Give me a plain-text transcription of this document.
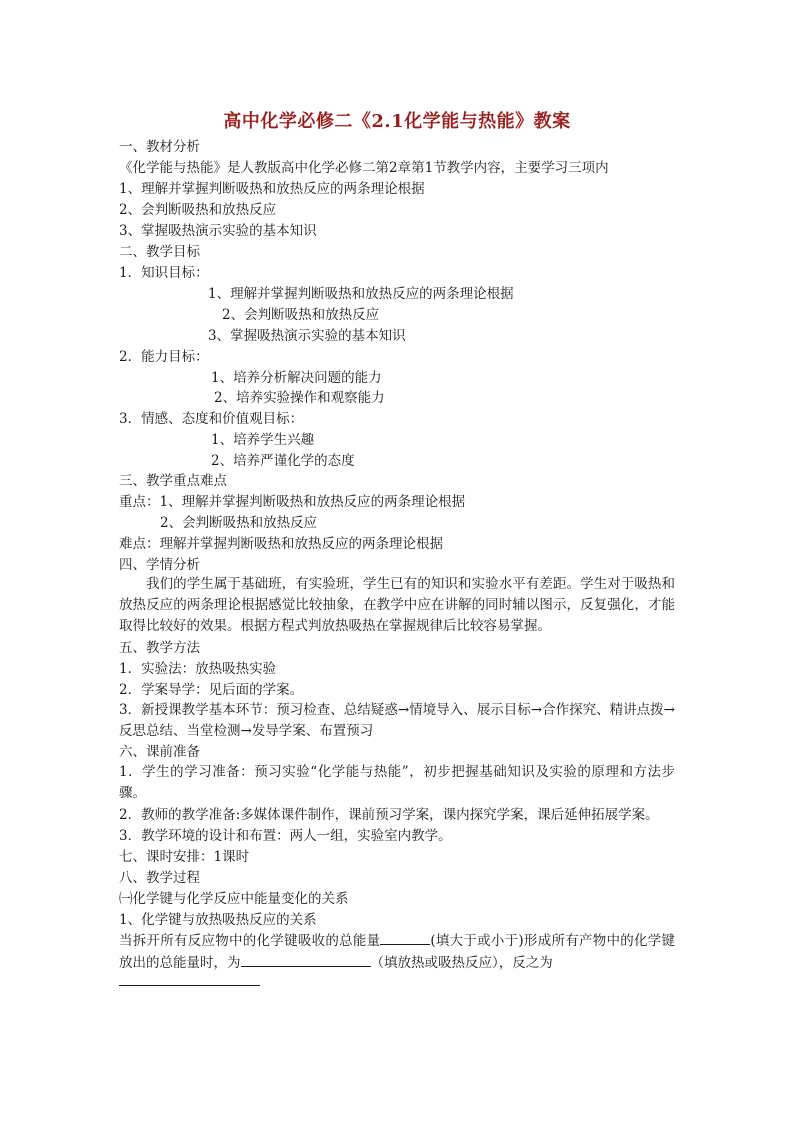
高中化学必修二《2.1化学能与热能》教案
一、教材分析
《化学能与热能》是人教版高中化学必修二第2章第1节教学内容，主要学习三项内
1、理解并掌握判断吸热和放热反应的两条理论根据
2、会判断吸热和放热反应
3、掌握吸热演示实验的基本知识
二、教学目标
1．知识目标：
1、理解并掌握判断吸热和放热反应的两条理论根据
2、会判断吸热和放热反应
3、掌握吸热演示实验的基本知识
2．能力目标：
1、培养分析解决问题的能力
2、培养实验操作和观察能力
3．情感、态度和价值观目标：
1、培养学生兴趣
2、培养严谨化学的态度
三、教学重点难点
重点：1、理解并掌握判断吸热和放热反应的两条理论根据
2、会判断吸热和放热反应
难点：理解并掌握判断吸热和放热反应的两条理论根据
四、学情分析
我们的学生属于基础班，有实验班，学生已有的知识和实验水平有差距。学生对于吸热和放热反应的两条理论根据感觉比较抽象，在教学中应在讲解的同时辅以图示，反复强化，才能取得比较好的效果。根据方程式判放热吸热在掌握规律后比较容易掌握。
五、教学方法
1．实验法：放热吸热实验
2．学案导学：见后面的学案。
3．新授课教学基本环节：预习检查、总结疑惑→情境导入、展示目标→合作探究、精讲点拨→反思总结、当堂检测→发导学案、布置预习
六、课前准备
1．学生的学习准备：预习实验“化学能与热能”，初步把握基础知识及实验的原理和方法步骤。
2．教师的教学准备:多媒体课件制作，课前预习学案，课内探究学案，课后延伸拓展学案。
3．教学环境的设计和布置：两人一组，实验室内教学。
七、课时安排：1课时
八、教学过程
㈠化学键与化学反应中能量变化的关系
1、化学键与放热吸热反应的关系
当拆开所有反应物中的化学键吸收的总能量	(填大于或小于)形成所有产物中的化学键放出的总能量时，为	（填放热或吸热反应），反之为
